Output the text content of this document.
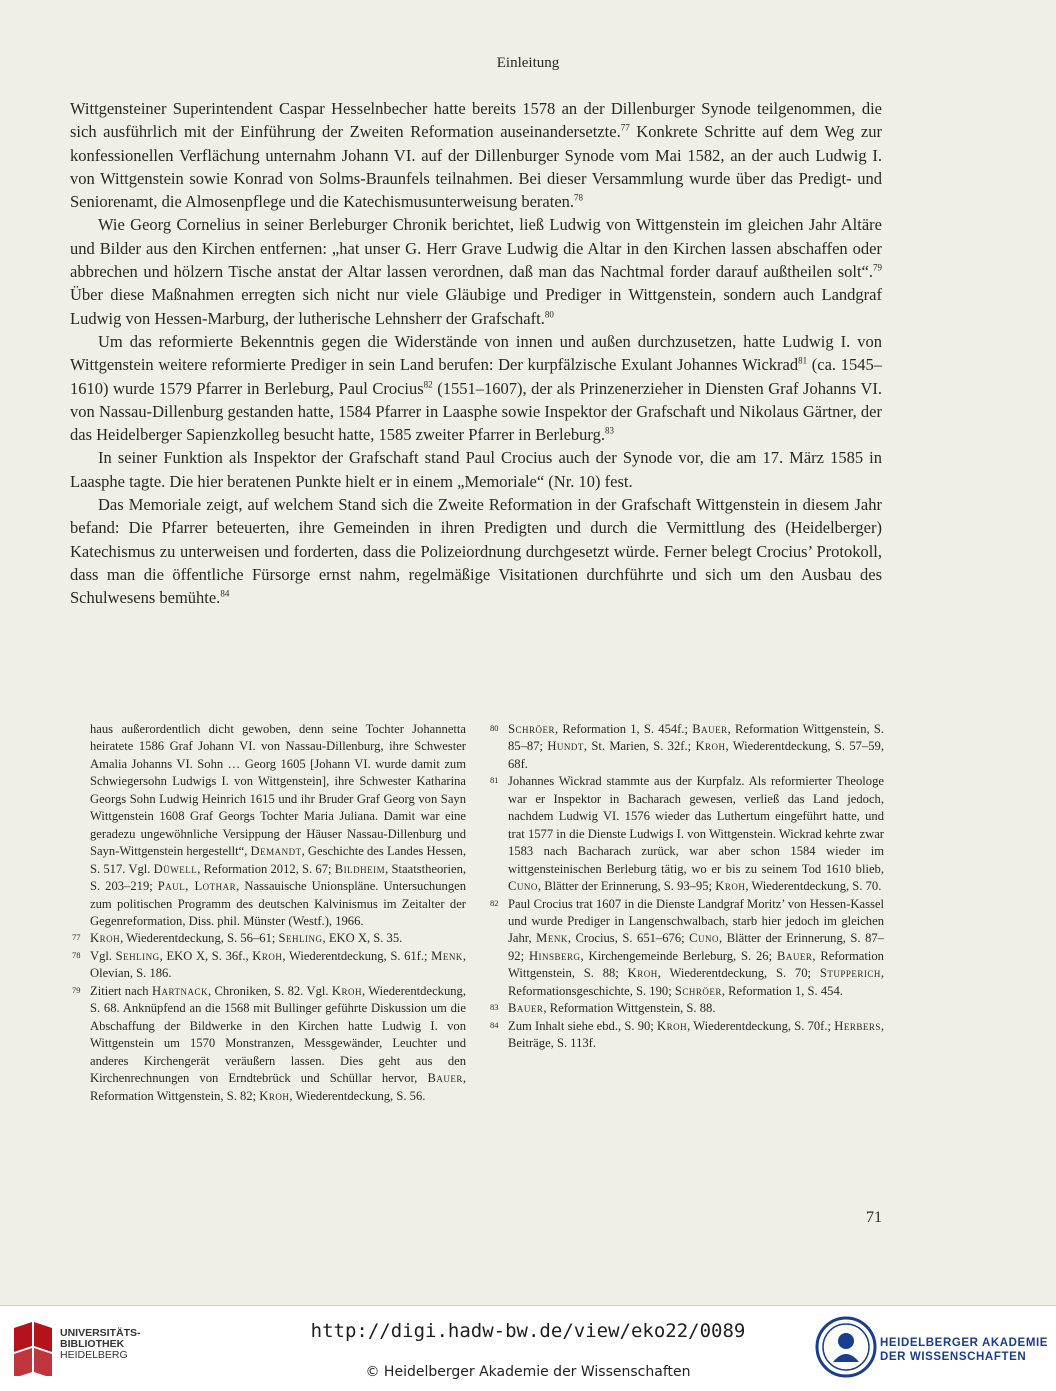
Einleitung

Wittgensteiner Superintendent Caspar Hesselnbecher hatte bereits 1578 an der Dillenburger Synode teilgenommen, die sich ausführlich mit der Einführung der Zweiten Reformation auseinandersetzte.$^{77}$ Konkrete Schritte auf dem Weg zur konfessionellen Verflächung unternahm Johann VI. auf der Dillenburger Synode vom Mai 1582, an der auch Ludwig I. von Wittgenstein sowie Konrad von Solms-Braunfels teilnahmen. Bei dieser Versammlung wurde über das Predigt- und Seniorenamt, die Almosenpflege und die Katechismusunterweisung beraten.$^{78}$

Wie Georg Cornelius in seiner Berleburger Chronik berichtet, ließ Ludwig von Wittgenstein im gleichen Jahr Altäre und Bilder aus den Kirchen entfernen: „hat unser G. Herr Grave Ludwig die Altar in den Kirchen lassen abschaffen oder abbrechen und hölzern Tische anstat der Altar lassen verordnen, daß man das Nachtmal forder darauf außtheilen solt“.$^{79}$ Über diese Maßnahmen erregten sich nicht nur viele Gläubige und Prediger in Wittgenstein, sondern auch Landgraf Ludwig von Hessen-Marburg, der lutherische Lehnsherr der Grafschaft.$^{80}$

Um das reformierte Bekenntnis gegen die Widerstände von innen und außen durchzusetzen, hatte Ludwig I. von Wittgenstein weitere reformierte Prediger in sein Land berufen: Der kurpfälzische Exulant Johannes Wickrad$^{81}$ (ca. 1545–1610) wurde 1579 Pfarrer in Berleburg, Paul Crocius$^{82}$ (1551–1607), der als Prinzenerzieher in Diensten Graf Johanns VI. von Nassau-Dillenburg gestanden hatte, 1584 Pfarrer in Laasphe sowie Inspektor der Grafschaft und Nikolaus Gärtner, der das Heidelberger Sapienzkolleg besucht hatte, 1585 zweiter Pfarrer in Berleburg.$^{83}$

In seiner Funktion als Inspektor der Grafschaft stand Paul Crocius auch der Synode vor, die am 17. März 1585 in Laasphe tagte. Die hier beratenen Punkte hielt er in einem „Memoriale“ (Nr. 10) fest.

Das Memoriale zeigt, auf welchem Stand sich die Zweite Reformation in der Grafschaft Wittgenstein in diesem Jahr befand: Die Pfarrer beteuerten, ihre Gemeinden in ihren Predigten und durch die Vermittlung des (Heidelberger) Katechismus zu unterweisen und forderten, dass die Polizeiordnung durchgesetzt würde. Ferner belegt Crocius’ Protokoll, dass man die öffentliche Fürsorge ernst nahm, regelmäßige Visitationen durchführte und sich um den Ausbau des Schulwesens bemühte.$^{84}$

haus außerordentlich dicht gewoben, denn seine Tochter Johannetta heiratete 1586 Graf Johann VI. von Nassau-Dillenburg, ihre Schwester Amalia Johanns VI. Sohn … Georg 1605 [Johann VI. wurde damit zum Schwiegersohn Ludwigs I. von Wittgenstein], ihre Schwester Katharina Georgs Sohn Ludwig Heinrich 1615 und ihr Bruder Graf Georg von Sayn Wittgenstein 1608 Graf Georgs Tochter Maria Juliana. Damit war eine geradezu ungewöhnliche Versippung der Häuser Nassau-Dillenburg und Sayn-Wittgenstein hergestellt“, Demandt, Geschichte des Landes Hessen, S. 517. Vgl. Düwell, Reformation 2012, S. 67; Bildheim, Staatstheorien, S. 203–219; Paul, Lothar, Nassauische Unionspläne. Untersuchungen zum politischen Programm des deutschen Kalvinismus im Zeitalter der Gegenreformation, Diss. phil. Münster (Westf.), 1966.

77 Kroh, Wiederentdeckung, S. 56–61; Sehling, EKO X, S. 35.

78 Vgl. Sehling, EKO X, S. 36f., Kroh, Wiederentdeckung, S. 61f.; Menk, Olevian, S. 186.

79 Zitiert nach Hartnack, Chroniken, S. 82. Vgl. Kroh, Wiederentdeckung, S. 68. Anknüpfend an die 1568 mit Bullinger geführte Diskussion um die Abschaffung der Bildwerke in den Kirchen hatte Ludwig I. von Wittgenstein um 1570 Monstranzen, Messgewänder, Leuchter und anderes Kirchengerät veräußern lassen. Dies geht aus den Kirchenrechnungen von Erndtebrück und Schüllar hervor, Bauer, Reformation Wittgenstein, S. 82; Kroh, Wiederentdeckung, S. 56.

80 Schröer, Reformation 1, S. 454f.; Bauer, Reformation Wittgenstein, S. 85–87; Hundt, St. Marien, S. 32f.; Kroh, Wiederentdeckung, S. 57–59, 68f.

81 Johannes Wickrad stammte aus der Kurpfalz. Als reformierter Theologe war er Inspektor in Bacharach gewesen, verließ das Land jedoch, nachdem Ludwig VI. 1576 wieder das Luthertum eingeführt hatte, und trat 1577 in die Dienste Ludwigs I. von Wittgenstein. Wickrad kehrte zwar 1583 nach Bacharach zurück, war aber schon 1584 wieder im wittgensteinischen Berleburg tätig, wo er bis zu seinem Tod 1610 blieb, Cuno, Blätter der Erinnerung, S. 93–95; Kroh, Wiederentdeckung, S. 70.

82 Paul Crocius trat 1607 in die Dienste Landgraf Moritz’ von Hessen-Kassel und wurde Prediger in Langenschwalbach, starb hier jedoch im gleichen Jahr, Menk, Crocius, S. 651–676; Cuno, Blätter der Erinnerung, S. 87–92; Hinsberg, Kirchengemeinde Berleburg, S. 26; Bauer, Reformation Wittgenstein, S. 88; Kroh, Wiederentdeckung, S. 70; Stupperich, Reformationsgeschichte, S. 190; Schröer, Reformation 1, S. 454.

83 Bauer, Reformation Wittgenstein, S. 88.

84 Zum Inhalt siehe ebd., S. 90; Kroh, Wiederentdeckung, S. 70f.; Herbers, Beiträge, S. 113f.

71
UNIVERSITÄTS-
BIBLIOTHEK
HEIDELBERG
http://digi.hadw-bw.de/view/eko22/0089
© Heidelberger Akademie der Wissenschaften
HEIDELBERGER AKADEMIE
DER WISSENSCHAFTEN
